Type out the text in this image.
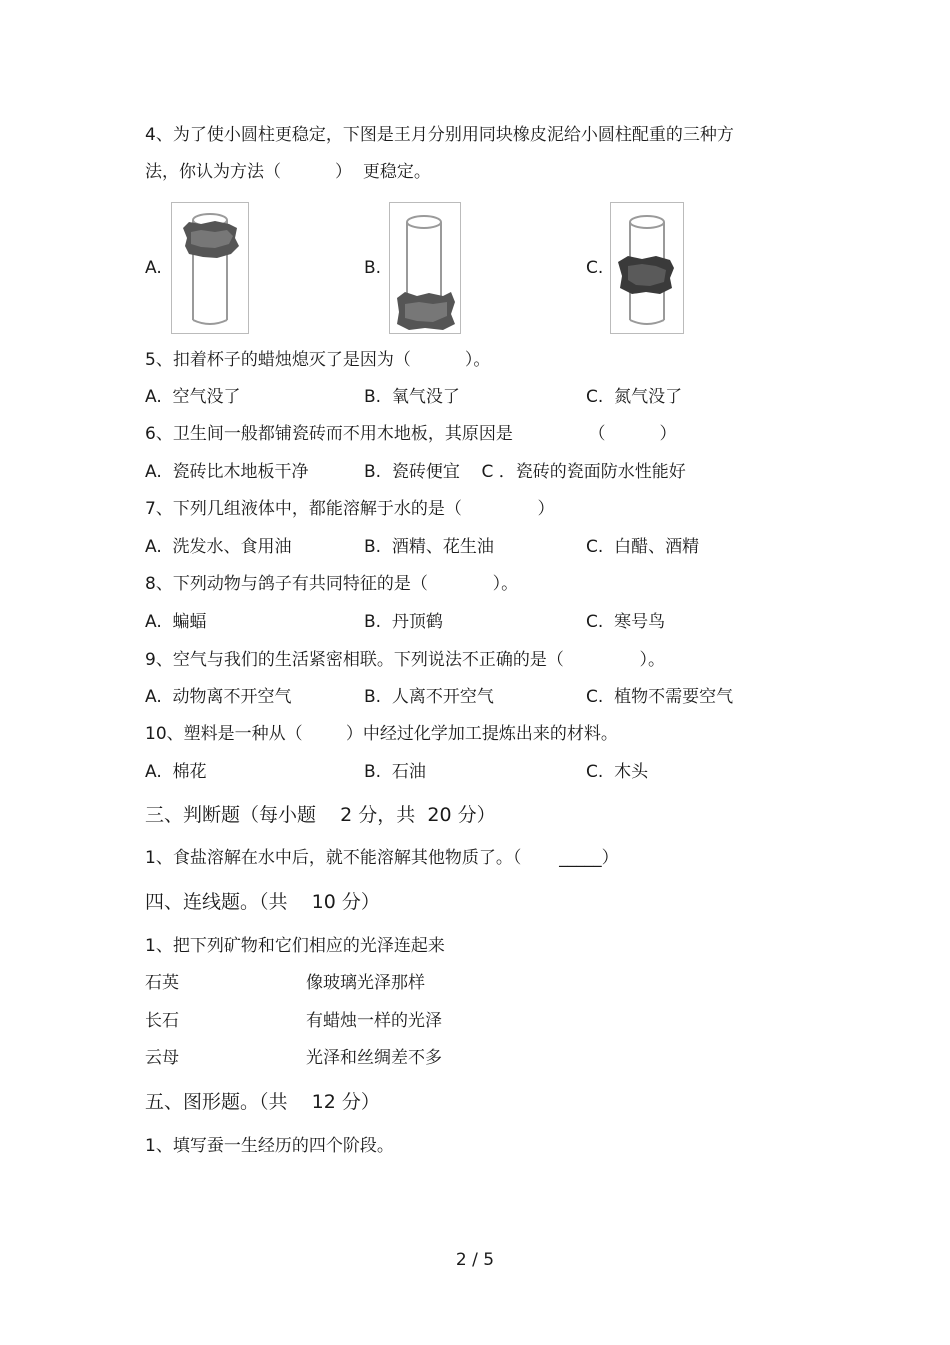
4、为了使小圆柱更稳定，下图是王月分别用同块橡皮泥给小圆柱配重的三种方
法，你认为方法（          ）  更稳定。
A.	B.	C.
5、扣着杯子的蜡烛熄灭了是因为（          ）。
A.  空气没了	B.  氧气没了	C.  氮气没了
6、卫生间一般都铺瓷砖而不用木地板，其原因是              （          ）
A.  瓷砖比木地板干净	B.  瓷砖便宜    C ．瓷砖的瓷面防水性能好
7、下列几组液体中，都能溶解于水的是（              ）
A.  洗发水、食用油	B.  酒精、花生油	C.  白醋、酒精
8、下列动物与鸽子有共同特征的是（            ）。
A.  蝙蝠	B.  丹顶鹤	C.  寒号鸟
9、空气与我们的生活紧密相联。下列说法不正确的是（              ）。
A.  动物离不开空气	B.  人离不开空气	C.  植物不需要空气
10、塑料是一种从（        ）中经过化学加工提炼出来的材料。
A.  棉花	B.  石油	C.  木头
三、判断题（每小题    2 分，共  20 分）
1、食盐溶解在水中后，就不能溶解其他物质了。（       _____）
四、连线题。（共    10 分）
1、把下列矿物和它们相应的光泽连起来
石英	像玻璃光泽那样
长石	有蜡烛一样的光泽
云母	光泽和丝绸差不多
五、图形题。（共    12 分）
1、填写蚕一生经历的四个阶段。
2 / 5
